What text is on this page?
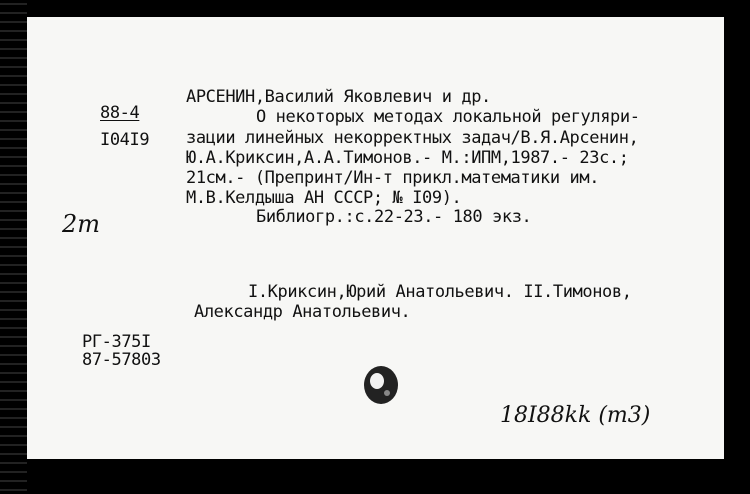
88-4
I04I9
АРСЕНИН,Василий Яковлевич и др.
О некоторых методах локальной регуляри-
зации линейных некорректных задач/В.Я.Арсенин,
Ю.А.Криксин,А.А.Тимонов.- М.:ИПМ,1987.- 23с.;
21см.- (Препринт/Ин-т прикл.математики им.
М.В.Келдыша АН СССР; № I09).
Библиогр.:с.22-23.- 180 экз.
2m
I.Криксин,Юрий Анатольевич. II.Тимонов,
Александр Анатольевич.
РГ-375I
87-57803
18I88kk (m3)
